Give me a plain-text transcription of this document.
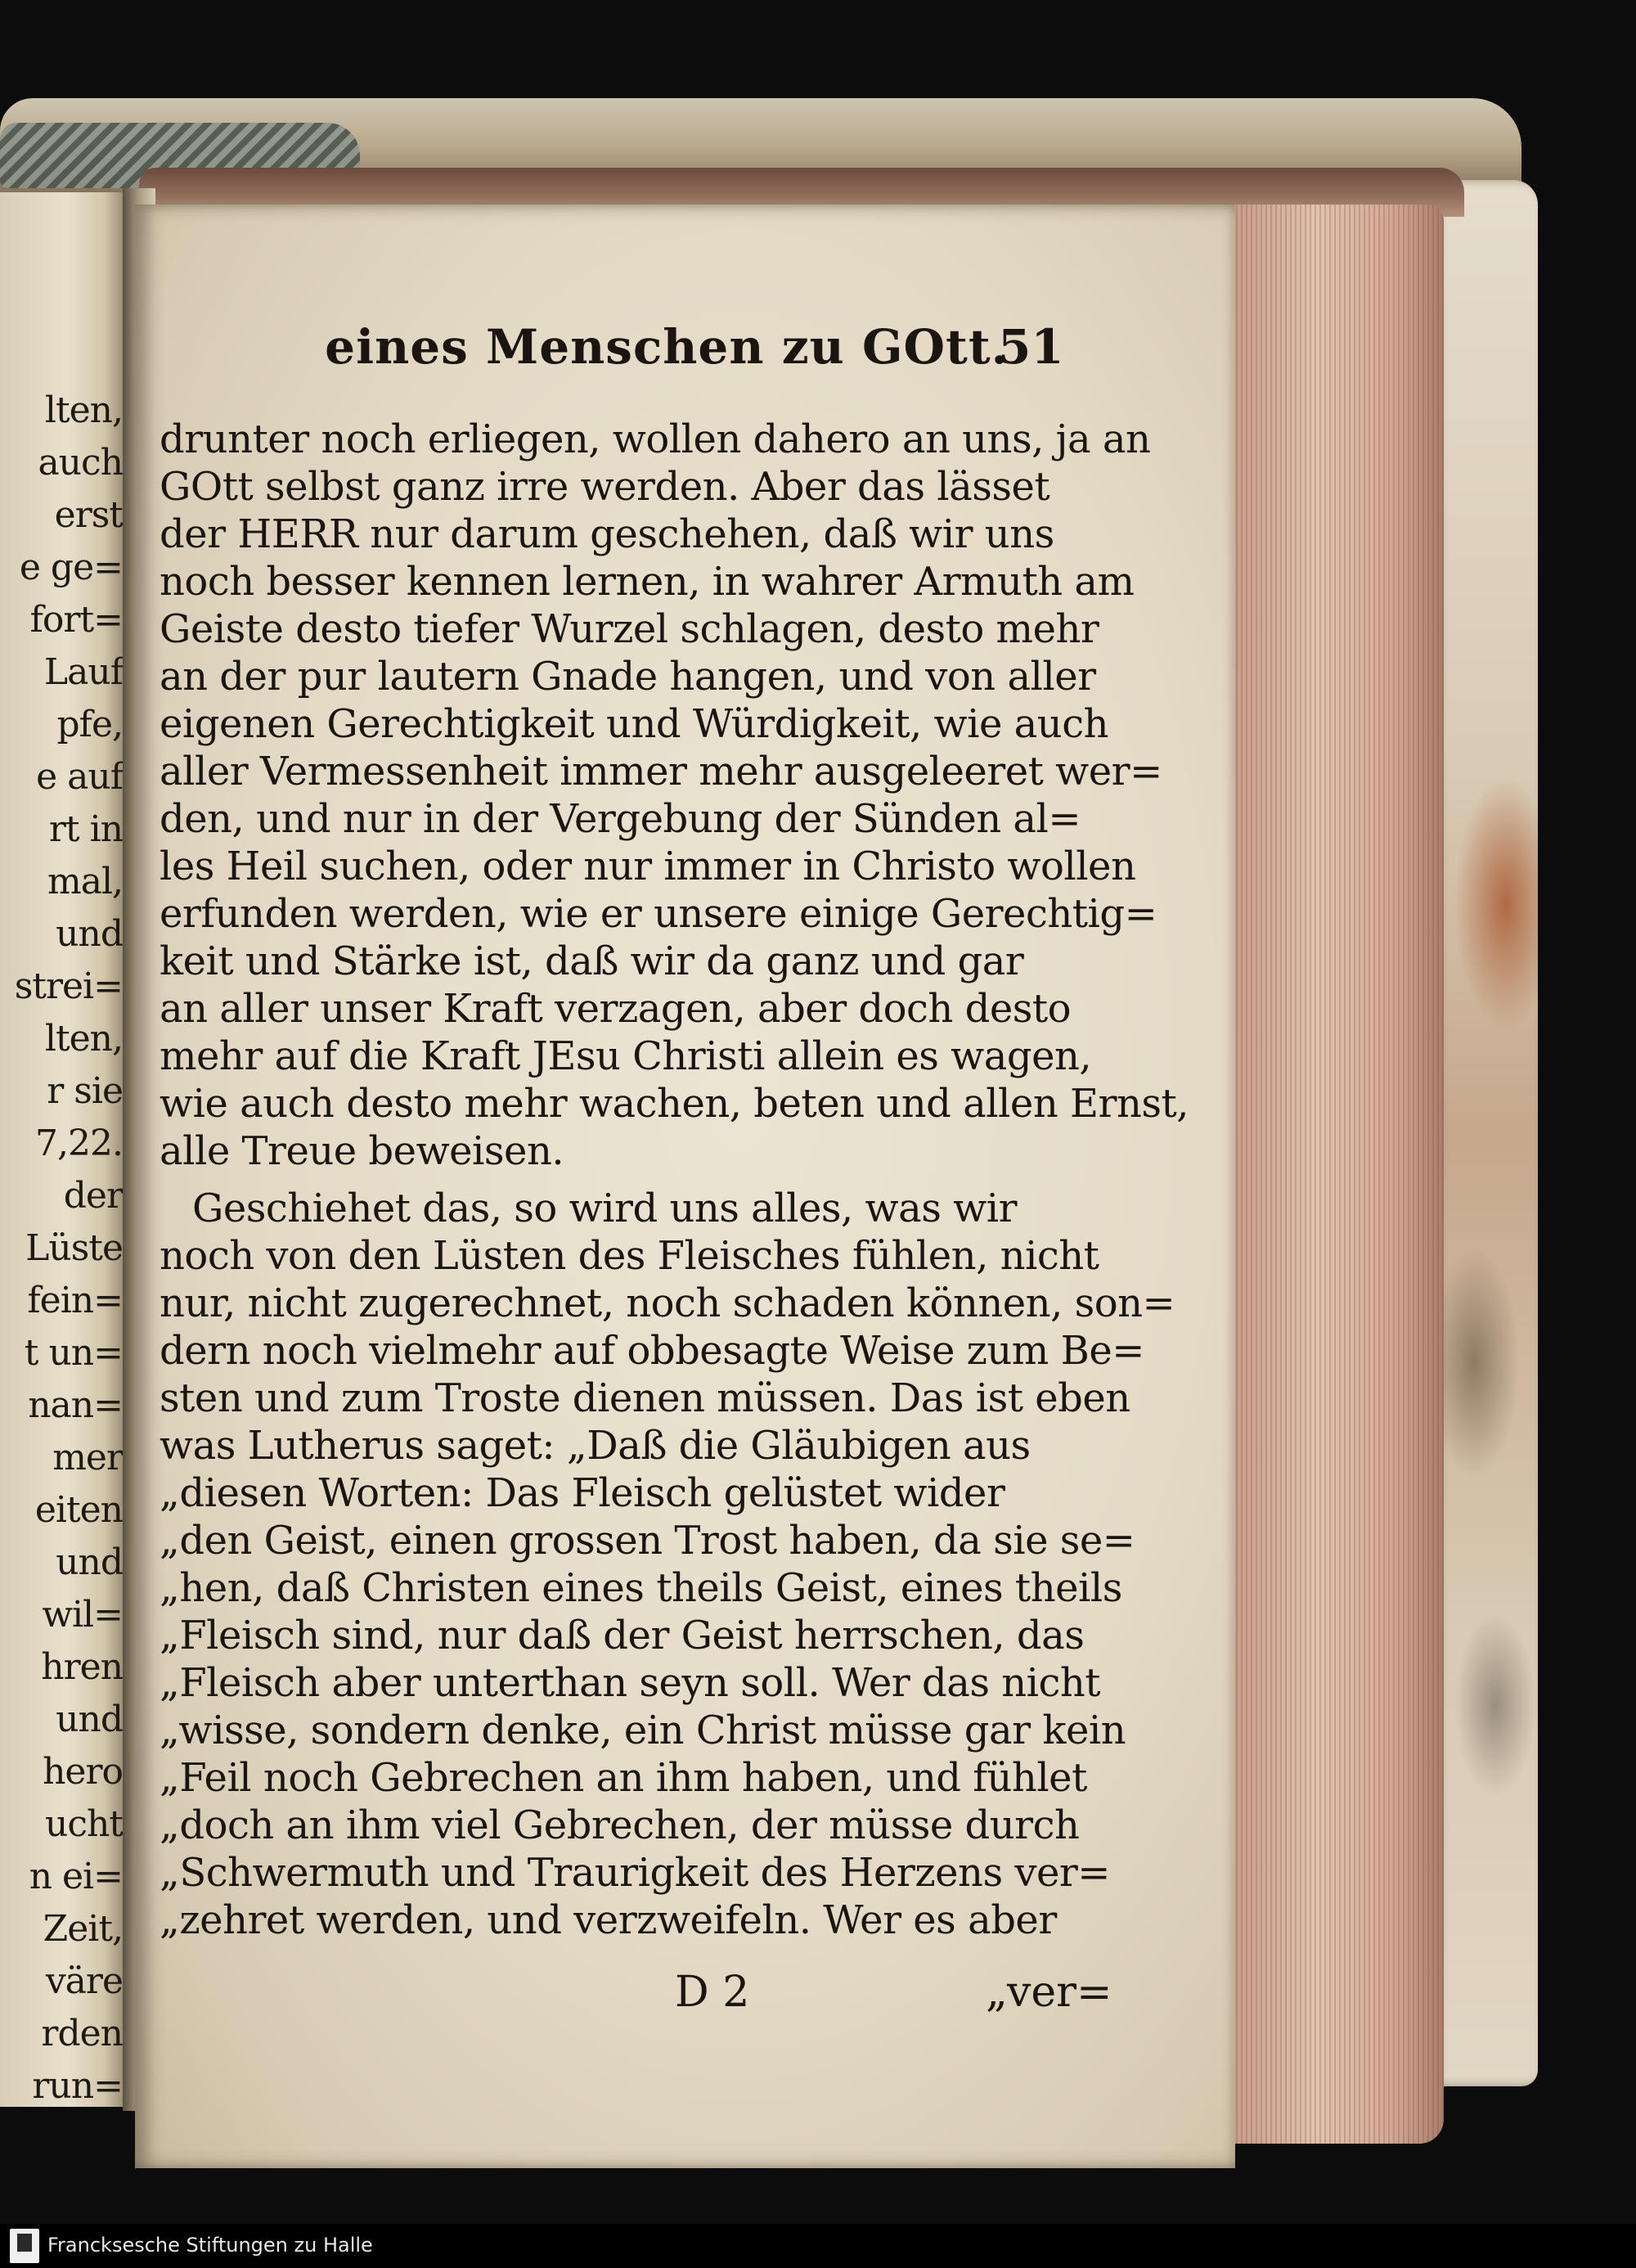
lten,
auch
erst
e ge=
fort=
Lauf
pfe,
e auf
rt in
mal,
und
strei=
lten,
r sie
7,22.
der
Lüste
fein=
t un=
nan=
mer
eiten
und
wil=
hren
und
hero
ucht
n ei=
Zeit,
väre
rden
run=
eines Menschen zu GOtt.
51
drunter noch erliegen, wollen dahero an uns, ja an
GOtt selbst ganz irre werden. Aber das lässet
der HERR nur darum geschehen, daß wir uns
noch besser kennen lernen, in wahrer Armuth am
Geiste desto tiefer Wurzel schlagen, desto mehr
an der pur lautern Gnade hangen, und von aller
eigenen Gerechtigkeit und Würdigkeit, wie auch
aller Vermessenheit immer mehr ausgeleeret wer=
den, und nur in der Vergebung der Sünden al=
les Heil suchen, oder nur immer in Christo wollen
erfunden werden, wie er unsere einige Gerechtig=
keit und Stärke ist, daß wir da ganz und gar
an aller unser Kraft verzagen, aber doch desto
mehr auf die Kraft JEsu Christi allein es wagen,
wie auch desto mehr wachen, beten und allen Ernst,
alle Treue beweisen.
Geschiehet das, so wird uns alles, was wir
noch von den Lüsten des Fleisches fühlen, nicht
nur, nicht zugerechnet, noch schaden können, son=
dern noch vielmehr auf obbesagte Weise zum Be=
sten und zum Troste dienen müssen. Das ist eben
was Lutherus saget: „Daß die Gläubigen aus
„diesen Worten: Das Fleisch gelüstet wider
„den Geist, einen grossen Trost haben, da sie se=
„hen, daß Christen eines theils Geist, eines theils
„Fleisch sind, nur daß der Geist herrschen, das
„Fleisch aber unterthan seyn soll. Wer das nicht
„wisse, sondern denke, ein Christ müsse gar kein
„Feil noch Gebrechen an ihm haben, und fühlet
„doch an ihm viel Gebrechen, der müsse durch
„Schwermuth und Traurigkeit des Herzens ver=
„zehret werden, und verzweifeln. Wer es aber
D 2	„ver=
Francksesche Stiftungen zu Halle
